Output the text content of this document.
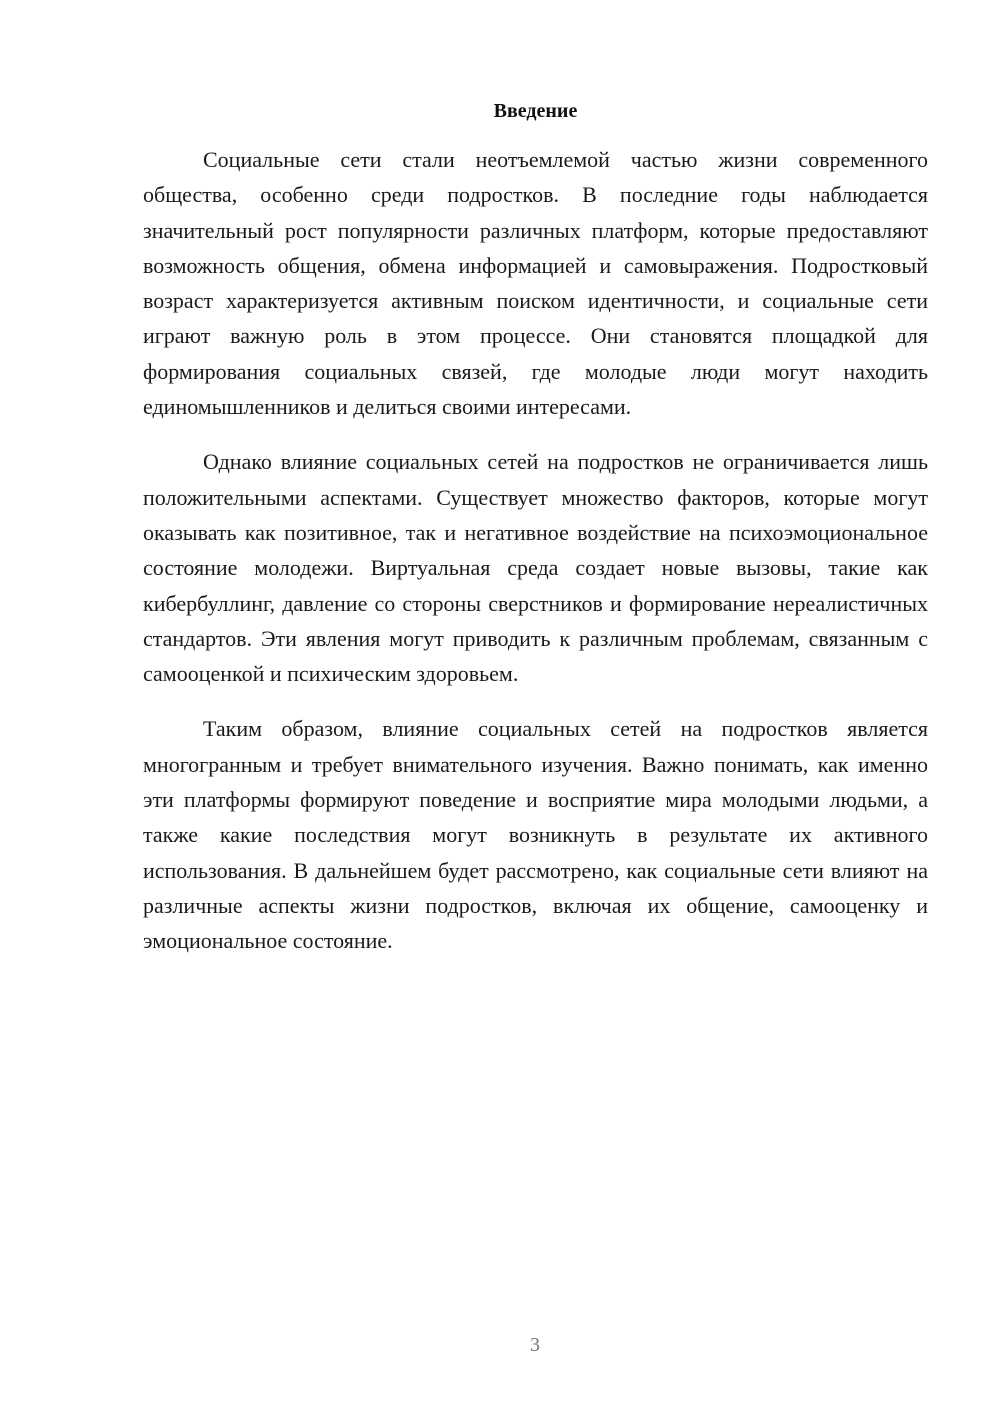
Введение

Социальные сети стали неотъемлемой частью жизни современного общества, особенно среди подростков. В последние годы наблюдается значительный рост популярности различных платформ, которые предоставляют возможность общения, обмена информацией и самовыражения. Подростковый возраст характеризуется активным поиском идентичности, и социальные сети играют важную роль в этом процессе. Они становятся площадкой для формирования социальных связей, где молодые люди могут находить единомышленников и делиться своими интересами.

Однако влияние социальных сетей на подростков не ограничивается лишь положительными аспектами. Существует множество факторов, которые могут оказывать как позитивное, так и негативное воздействие на психоэмоциональное состояние молодежи. Виртуальная среда создает новые вызовы, такие как кибербуллинг, давление со стороны сверстников и формирование нереалистичных стандартов. Эти явления могут приводить к различным проблемам, связанным с самооценкой и психическим здоровьем.

Таким образом, влияние социальных сетей на подростков является многогранным и требует внимательного изучения. Важно понимать, как именно эти платформы формируют поведение и восприятие мира молодыми людьми, а также какие последствия могут возникнуть в результате их активного использования. В дальнейшем будет рассмотрено, как социальные сети влияют на различные аспекты жизни подростков, включая их общение, самооценку и эмоциональное состояние.

3
